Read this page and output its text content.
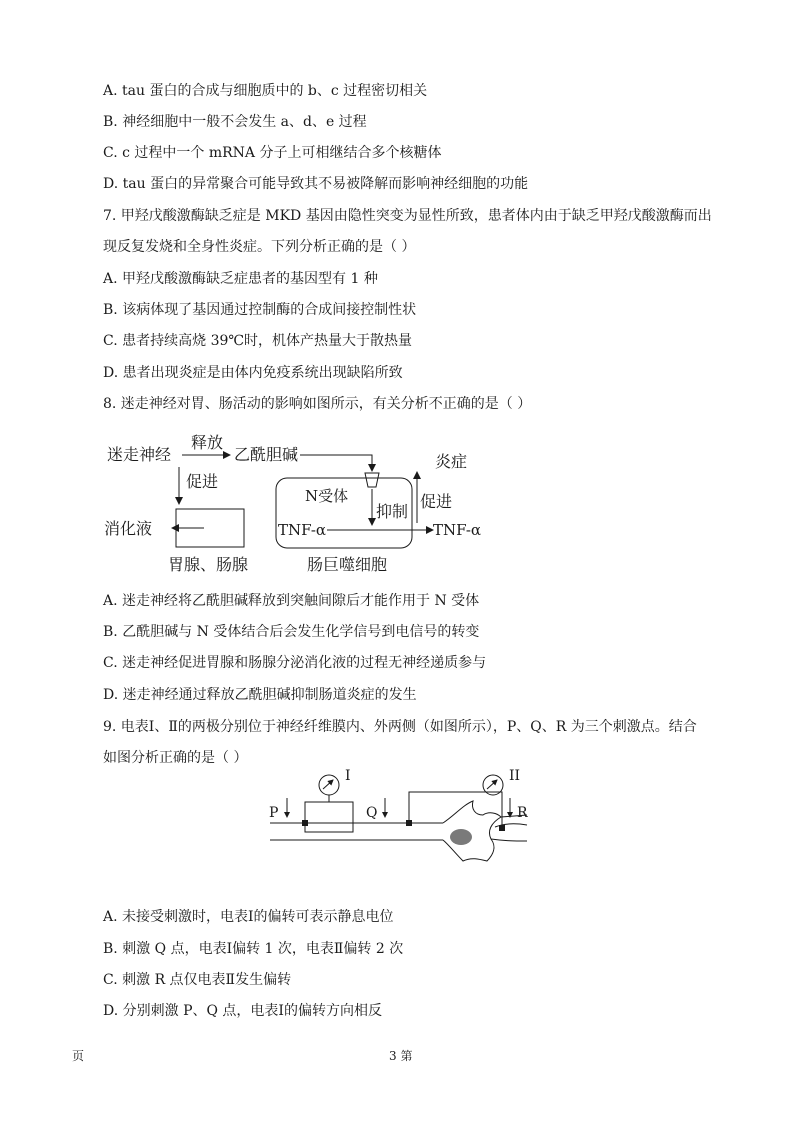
A. tau 蛋白的合成与细胞质中的 b、c 过程密切相关
B. 神经细胞中一般不会发生 a、d、e 过程
C. c 过程中一个 mRNA 分子上可相继结合多个核糖体
D. tau 蛋白的异常聚合可能导致其不易被降解而影响神经细胞的功能
7. 甲羟戊酸激酶缺乏症是 MKD 基因由隐性突变为显性所致，患者体内由于缺乏甲羟戊酸激酶而出
现反复发烧和全身性炎症。下列分析正确的是（ ）
A. 甲羟戊酸激酶缺乏症患者的基因型有 1 种
B. 该病体现了基因通过控制酶的合成间接控制性状
C. 患者持续高烧 39℃时，机体产热量大于散热量
D. 患者出现炎症是由体内免疫系统出现缺陷所致
8. 迷走神经对胃、肠活动的影响如图所示，有关分析不正确的是（ ）
迷走神经
释放
乙酰胆碱
促进
炎症
N受体
抑制
促进
消化液	TNF-α	TNF-α
胃腺、肠腺	肠巨噬细胞
A. 迷走神经将乙酰胆碱释放到突触间隙后才能作用于 N 受体
B. 乙酰胆碱与 N 受体结合后会发生化学信号到电信号的转变
C. 迷走神经促进胃腺和肠腺分泌消化液的过程无神经递质参与
D. 迷走神经通过释放乙酰胆碱抑制肠道炎症的发生
9. 电表Ⅰ、Ⅱ的两极分别位于神经纤维膜内、外两侧（如图所示），P、Q、R 为三个刺激点。结合
如图分析正确的是（ ）
I	II
P	Q	R
A. 未接受刺激时，电表Ⅰ的偏转可表示静息电位
B. 刺激 Q 点，电表Ⅰ偏转 1 次，电表Ⅱ偏转 2 次
C. 刺激 R 点仅电表Ⅱ发生偏转
D. 分别刺激 P、Q 点，电表Ⅰ的偏转方向相反
页	3 第
